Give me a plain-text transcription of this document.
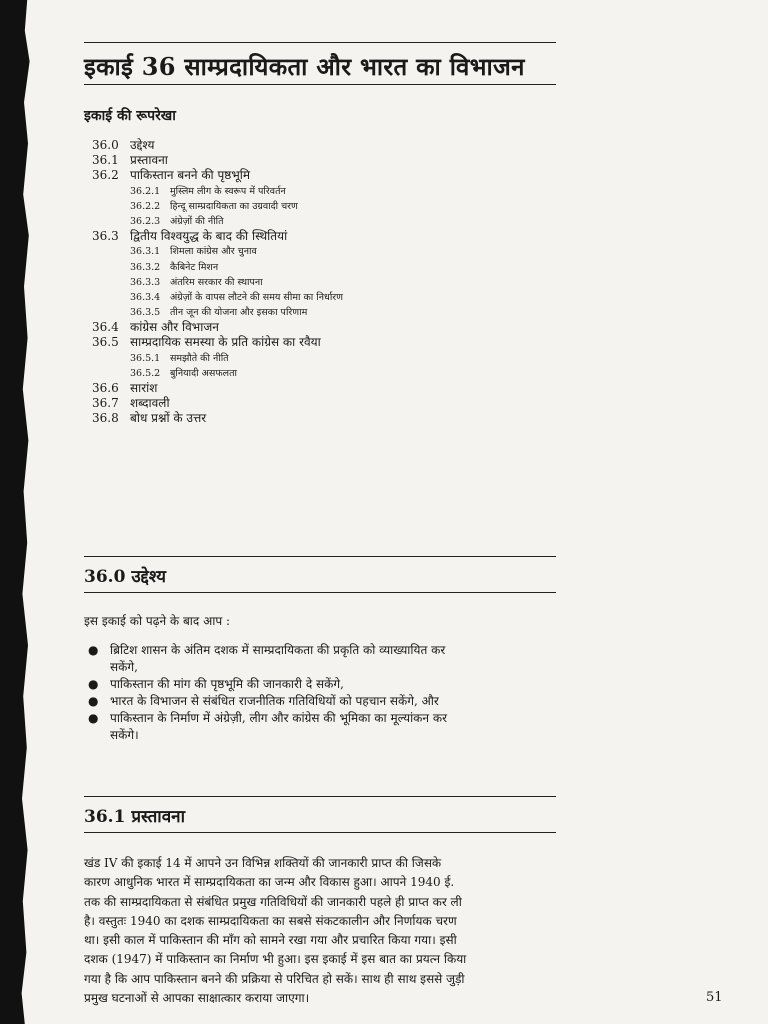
इकाई 36 साम्प्रदायिकता और भारत का विभाजन

इकाई की रूपरेखा

36.0 उद्देश्य
36.1 प्रस्तावना
36.2 पाकिस्तान बनने की पृष्ठभूमि
36.2.1 मुस्लिम लीग के स्वरूप में परिवर्तन
36.2.2 हिन्दू साम्प्रदायिकता का उग्रवादी चरण
36.2.3 अंग्रेज़ों की नीति
36.3 द्वितीय विश्वयुद्ध के बाद की स्थितियां
36.3.1 शिमला कांग्रेस और चुनाव
36.3.2 कैबिनेट मिशन
36.3.3 अंतरिम सरकार की स्थापना
36.3.4 अंग्रेज़ों के वापस लौटने की समय सीमा का निर्धारण
36.3.5 तीन जून की योजना और इसका परिणाम
36.4 कांग्रेस और विभाजन
36.5 साम्प्रदायिक समस्या के प्रति कांग्रेस का रवैया
36.5.1 समझौते की नीति
36.5.2 बुनियादी असफलता
36.6 सारांश
36.7 शब्दावली
36.8 बोध प्रश्नों के उत्तर
36.0 उद्देश्य

इस इकाई को पढ़ने के बाद आप :

● ब्रिटिश शासन के अंतिम दशक में साम्प्रदायिकता की प्रकृति को व्याख्यायित कर
सकेंगे,
● पाकिस्तान की मांग की पृष्ठभूमि की जानकारी दे सकेंगे,
● भारत के विभाजन से संबंधित राजनीतिक गतिविधियों को पहचान सकेंगे, और
● पाकिस्तान के निर्माण में अंग्रेज़ी, लीग और कांग्रेस की भूमिका का मूल्यांकन कर
सकेंगे।
36.1 प्रस्तावना
खंड IV की इकाई 14 में आपने उन विभिन्न शक्तियों की जानकारी प्राप्त की जिसके
कारण आधुनिक भारत में साम्प्रदायिकता का जन्म और विकास हुआ। आपने 1940 ई.
तक की साम्प्रदायिकता से संबंधित प्रमुख गतिविधियों की जानकारी पहले ही प्राप्त कर ली
है। वस्तुतः 1940 का दशक साम्प्रदायिकता का सबसे संकटकालीन और निर्णायक चरण
था। इसी काल में पाकिस्तान की माँग को सामने रखा गया और प्रचारित किया गया। इसी
दशक (1947) में पाकिस्तान का निर्माण भी हुआ। इस इकाई में इस बात का प्रयत्न किया
गया है कि आप पाकिस्तान बनने की प्रक्रिया से परिचित हो सकें। साथ ही साथ इससे जुड़ी
प्रमुख घटनाओं से आपका साक्षात्कार कराया जाएगा।	51
